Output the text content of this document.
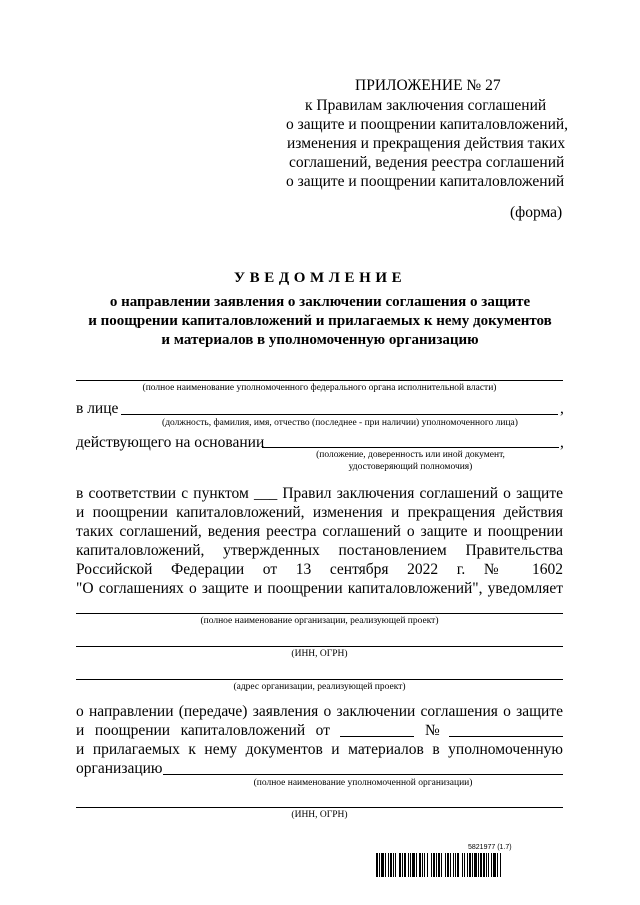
ПРИЛОЖЕНИЕ № 27
к Правилам заключения соглашений
о защите и поощрении капиталовложений,
изменения и прекращения действия таких
соглашений, ведения реестра соглашений
о защите и поощрении капиталовложений
(форма)
УВЕДОМЛЕНИЕ
о направлении заявления о заключении соглашения о защите
и поощрении капиталовложений и прилагаемых к нему документов
и материалов в уполномоченную организацию
(полное наименование уполномоченного федерального органа исполнительной власти)
в лице	,
(должность, фамилия, имя, отчество (последнее - при наличии) уполномоченного лица)
действующего на основании	,
(положение, доверенность или иной документ,
удостоверяющий полномочия)
в соответствии с пунктом ___ Правил заключения соглашений о защите
и поощрении капиталовложений, изменения и прекращения действия
таких соглашений, ведения реестра соглашений о защите и поощрении
капиталовложений, утвержденных постановлением Правительства
Российской Федерации от 13 сентября 2022 г. № 1602
"О соглашениях о защите и поощрении капиталовложений", уведомляет
(полное наименование организации, реализующей проект)
(ИНН, ОГРН)
(адрес организации, реализующей проект)
о направлении (передаче) заявления о заключении соглашения о защите
и поощрении капиталовложений от	№
и прилагаемых к нему документов и материалов в уполномоченную
организацию
(полное наименование уполномоченной организации)
(ИНН, ОГРН)
5821977 (1.7)
